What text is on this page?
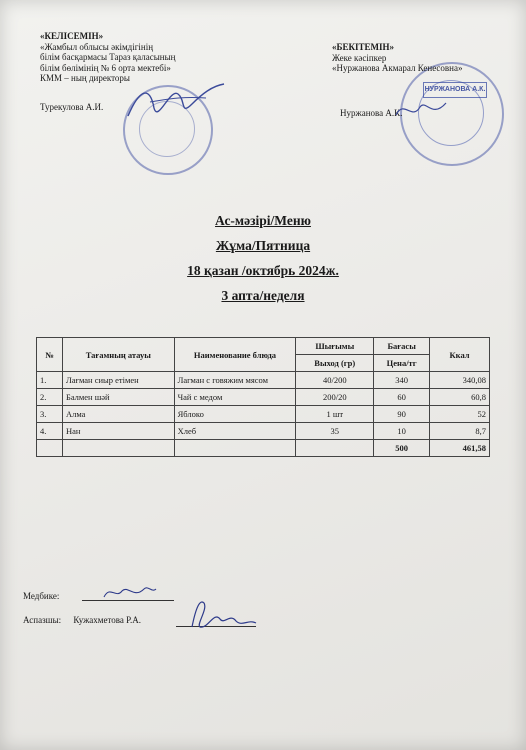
НУРЖАНОВА А.К.
«КЕЛІСЕМІН»
«Жамбыл облысы әкімдігінің
білім басқармасы Тараз қаласының
білім бөлімінің № 6 орта мектебі»
КММ – ның директоры
Турекулова А.И.
«БЕКІТЕМІН»
Жеке кәсіпкер
«Нуржанова Акмарал Кенесовна»
Нуржанова А.К.
Ас-мәзірі/Меню
Жұма/Пятница
18 қазан /октябрь 2024ж.
3 апта/неделя
№	Тағамның атауы	Наименование блюда	Шығымы	Бағасы	Ккал
			Выход (гр)	Цена/тг	
1.	Лағман сиыр етімен	Лагман с говяжим мясом	40/200	340	340,08
2.	Балмен шәй	Чай с медом	200/20	60	60,8
3.	Алма	Яблоко	1 шт	90	52
4.	Нан	Хлеб	35	10	8,7
				500	461,58
Медбике:
Аспазшы: Кужахметова Р.А.
